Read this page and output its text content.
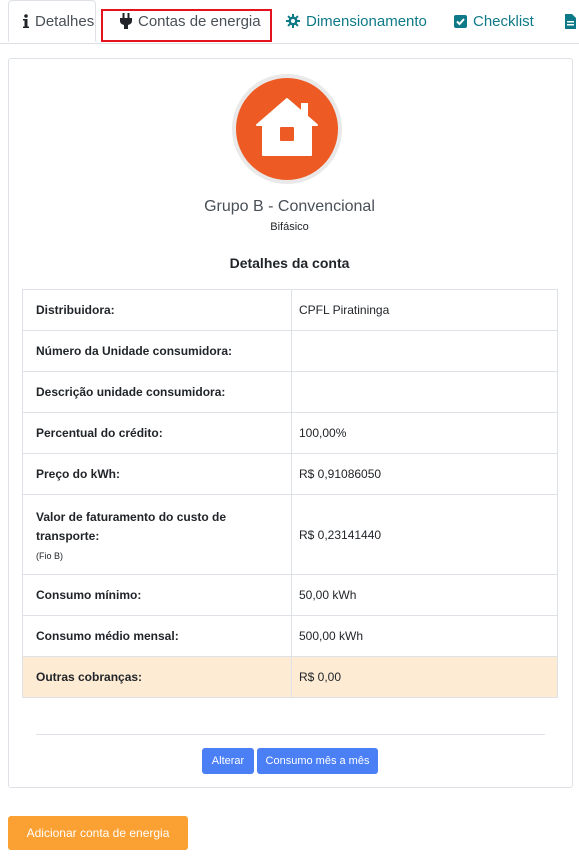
Detalhes	Contas de energia	Dimensionamento	Checklist
Grupo B - Convencional
Bifásico
Detalhes da conta
Distribuidora:	CPFL Piratininga
Número da Unidade consumidora:	
Descrição unidade consumidora:	
Percentual do crédito:	100,00%
Preço do kWh:	R$ 0,91086050

Valor de faturamento do custo de transporte:
(Fio B)	R$ 0,23141440
Consumo mínimo:	50,00 kWh
Consumo médio mensal:	500,00 kWh
Outras cobranças:	R$ 0,00
Alterar	Consumo mês a mês
Adicionar conta de energia
